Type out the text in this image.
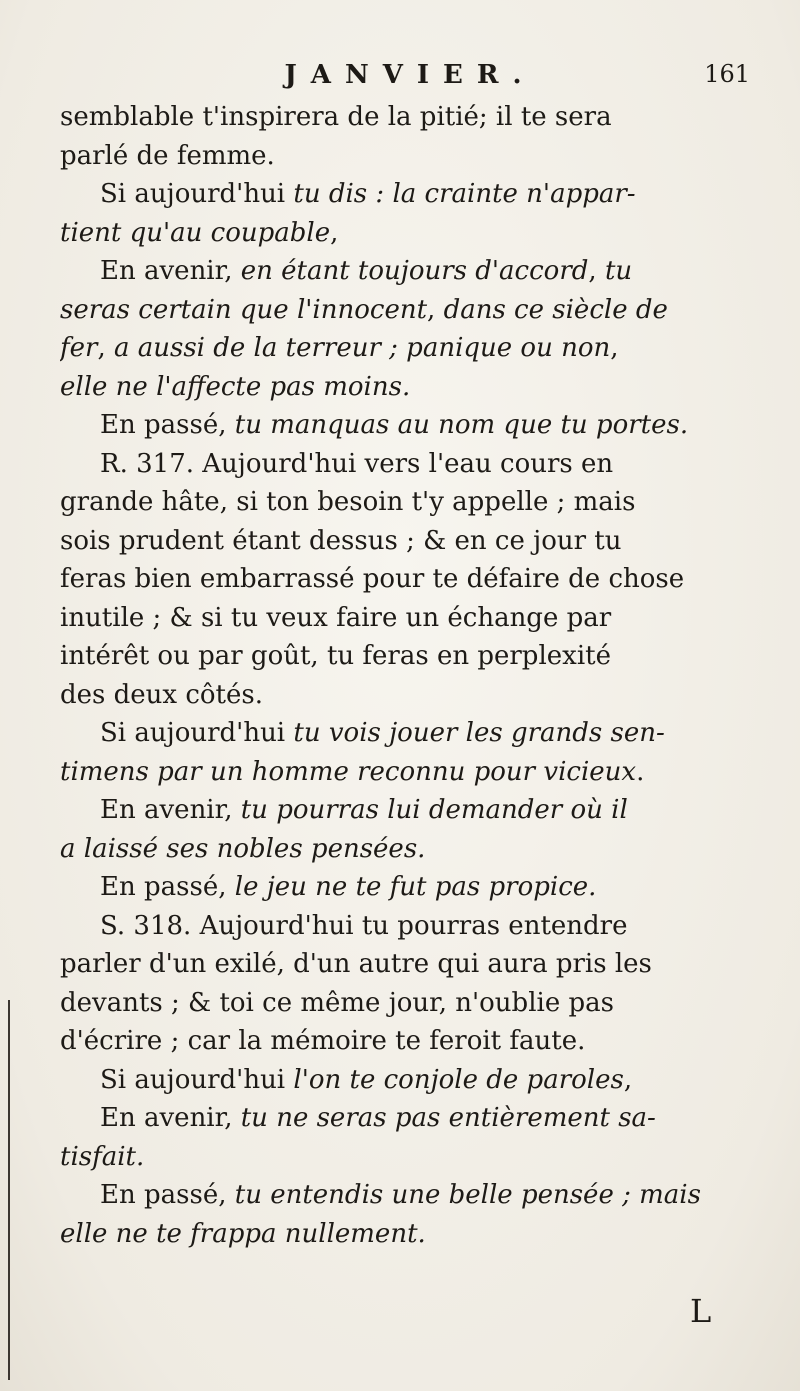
JANVIER.	161
semblable t'inspirera de la pitié; il te sera
parlé de femme.
Si aujourd'hui tu dis : la crainte n'appar-
tient qu'au coupable,
En avenir, en étant toujours d'accord, tu
seras certain que l'innocent, dans ce siècle de
fer, a aussi de la terreur ; panique ou non,
elle ne l'affecte pas moins.
En passé, tu manquas au nom que tu portes.
R. 317. Aujourd'hui vers l'eau cours en
grande hâte, si ton besoin t'y appelle ; mais
sois prudent étant dessus ; & en ce jour tu
feras bien embarrassé pour te défaire de chose
inutile ; & si tu veux faire un échange par
intérêt ou par goût, tu feras en perplexité
des deux côtés.
Si aujourd'hui tu vois jouer les grands sen-
timens par un homme reconnu pour vicieux.
En avenir, tu pourras lui demander où il
a laissé ses nobles pensées.
En passé, le jeu ne te fut pas propice.
S. 318. Aujourd'hui tu pourras entendre
parler d'un exilé, d'un autre qui aura pris les
devants ; & toi ce même jour, n'oublie pas
d'écrire ; car la mémoire te feroit faute.
Si aujourd'hui l'on te conjole de paroles,
En avenir, tu ne seras pas entièrement sa-
tisfait.
En passé, tu entendis une belle pensée ; mais
elle ne te frappa nullement.
L
